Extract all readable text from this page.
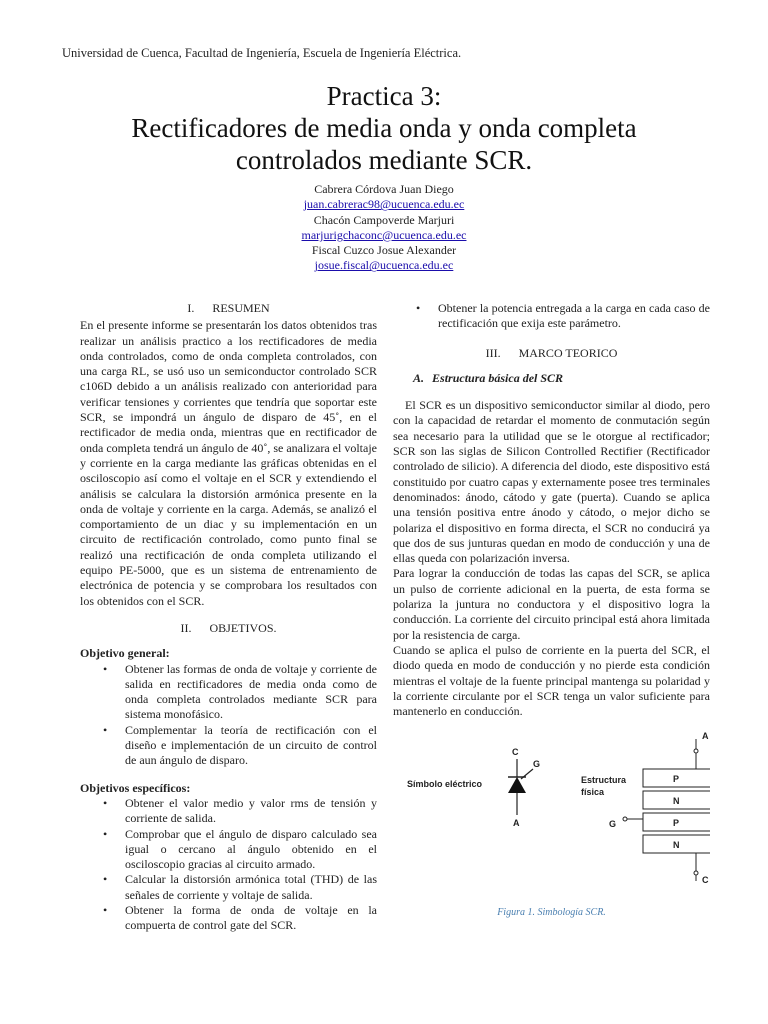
Universidad de Cuenca, Facultad de Ingeniería, Escuela de Ingeniería Eléctrica.
Practica 3:
Rectificadores de media onda y onda completa
controlados mediante SCR.
Cabrera Córdova Juan Diego
juan.cabrerac98@ucuenca.edu.ec
Chacón Campoverde Marjuri
marjurigchaconc@ucuenca.edu.ec
Fiscal Cuzco Josue Alexander
josue.fiscal@ucuenca.edu.ec
I. RESUMEN

En el presente informe se presentarán los datos obtenidos tras realizar un análisis practico a los rectificadores de media onda controlados, como de onda completa controlados, con una carga RL, se usó uso un semiconductor controlado SCR c106D debido a un análisis realizado con anterioridad para verificar tensiones y corrientes que tendría que soportar este SCR, se impondrá un ángulo de disparo de 45˚, en el rectificador de media onda, mientras que en rectificador de onda completa tendrá un ángulo de 40˚, se analizara el voltaje y corriente en la carga mediante las gráficas obtenidas en el osciloscopio así como el voltaje en el SCR y extendiendo el análisis se calculara la distorsión armónica presente en la onda de voltaje y corriente en la carga. Además, se analizó el comportamiento de un diac y su implementación en un circuito de rectificación controlado, como punto final se realizó una rectificación de onda completa utilizando el equipo PE-5000, que es un sistema de entrenamiento de electrónica de potencia y se comprobara los resultados con los obtenidos con el SCR.

II. OBJETIVOS.

Objetivo general:

• Obtener las formas de onda de voltaje y corriente de salida en rectificadores de media onda como de onda completa controlados mediante SCR para sistema monofásico.
• Complementar la teoría de rectificación con el diseño e implementación de un circuito de control de aun ángulo de disparo.

Objetivos específicos:

• Obtener el valor medio y valor rms de tensión y corriente de salida.
• Comprobar que el ángulo de disparo calculado sea igual o cercano al ángulo obtenido en el osciloscopio gracias al circuito armado.
• Calcular la distorsión armónica total (THD) de las señales de corriente y voltaje de salida.
• Obtener la forma de onda de voltaje en la compuerta de control gate del SCR.
• Obtener la potencia entregada a la carga en cada caso de rectificación que exija este parámetro.
III. MARCO TEORICO

A. Estructura básica del SCR

El SCR es un dispositivo semiconductor similar al diodo, pero con la capacidad de retardar el momento de conmutación según sea necesario para la utilidad que se le otorgue al rectificador; SCR son las siglas de Silicon Controlled Rectifier (Rectificador controlado de silicio). A diferencia del diodo, este dispositivo está constituido por cuatro capas y externamente posee tres terminales denominados: ánodo, cátodo y gate (puerta). Cuando se aplica una tensión positiva entre ánodo y cátodo, o mejor dicho se polariza el dispositivo en forma directa, el SCR no conducirá ya que dos de sus junturas quedan en modo de conducción y una de ellas queda con polarización inversa.

Para lograr la conducción de todas las capas del SCR, se aplica un pulso de corriente adicional en la puerta, de esta forma se polariza la juntura no conductora y el dispositivo logra la conducción. La corriente del circuito principal está ahora limitada por la resistencia de carga.

Cuando se aplica el pulso de corriente en la puerta del SCR, el diodo queda en modo de conducción y no pierde esta condición mientras el voltaje de la fuente principal mantenga su polaridad y la corriente circulante por el SCR tenga un valor suficiente para mantenerlo en conducción.

Símbolo eléctrico
C
G
A
Estructura
física
A
P
N
P
N
G
C
Figura 1. Simbología SCR.
